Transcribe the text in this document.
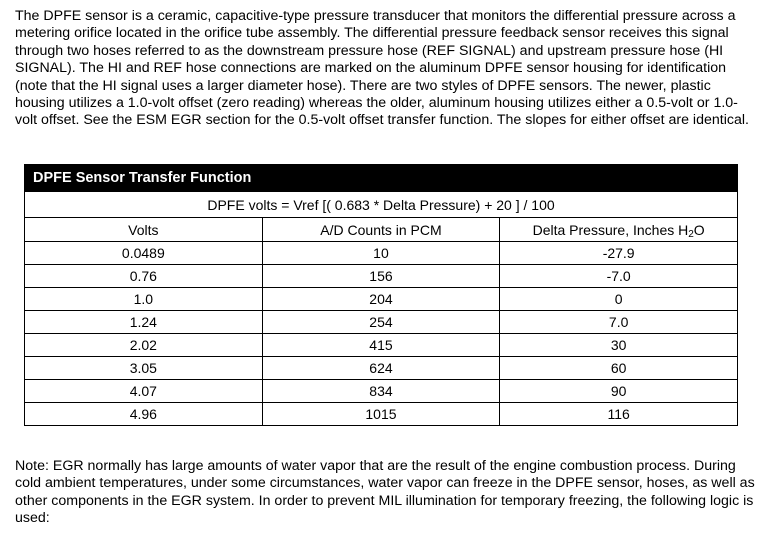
The DPFE sensor is a ceramic, capacitive-type pressure transducer that monitors the differential pressure across a metering orifice located in the orifice tube assembly. The differential pressure feedback sensor receives this signal through two hoses referred to as the downstream pressure hose (REF SIGNAL) and upstream pressure hose (HI SIGNAL). The HI and REF hose connections are marked on the aluminum DPFE sensor housing for identification (note that the HI signal uses a larger diameter hose). There are two styles of DPFE sensors. The newer, plastic housing utilizes a 1.0-volt offset (zero reading) whereas the older, aluminum housing utilizes either a 0.5-volt or 1.0-volt offset. See the ESM EGR section for the 0.5-volt offset transfer function. The slopes for either offset are identical.

DPFE Sensor Transfer Function		
DPFE volts = Vref [( 0.683 * Delta Pressure) + 20 ] / 100		
Volts	A/D Counts in PCM	Delta Pressure, Inches $H_2O$
0.0489	10	-27.9
0.76	156	-7.0
1.0	204	0
1.24	254	7.0
2.02	415	30
3.05	624	60
4.07	834	90
4.96	1015	116

Note: EGR normally has large amounts of water vapor that are the result of the engine combustion process. During cold ambient temperatures, under some circumstances, water vapor can freeze in the DPFE sensor, hoses, as well as other components in the EGR system. In order to prevent MIL illumination for temporary freezing, the following logic is used:
